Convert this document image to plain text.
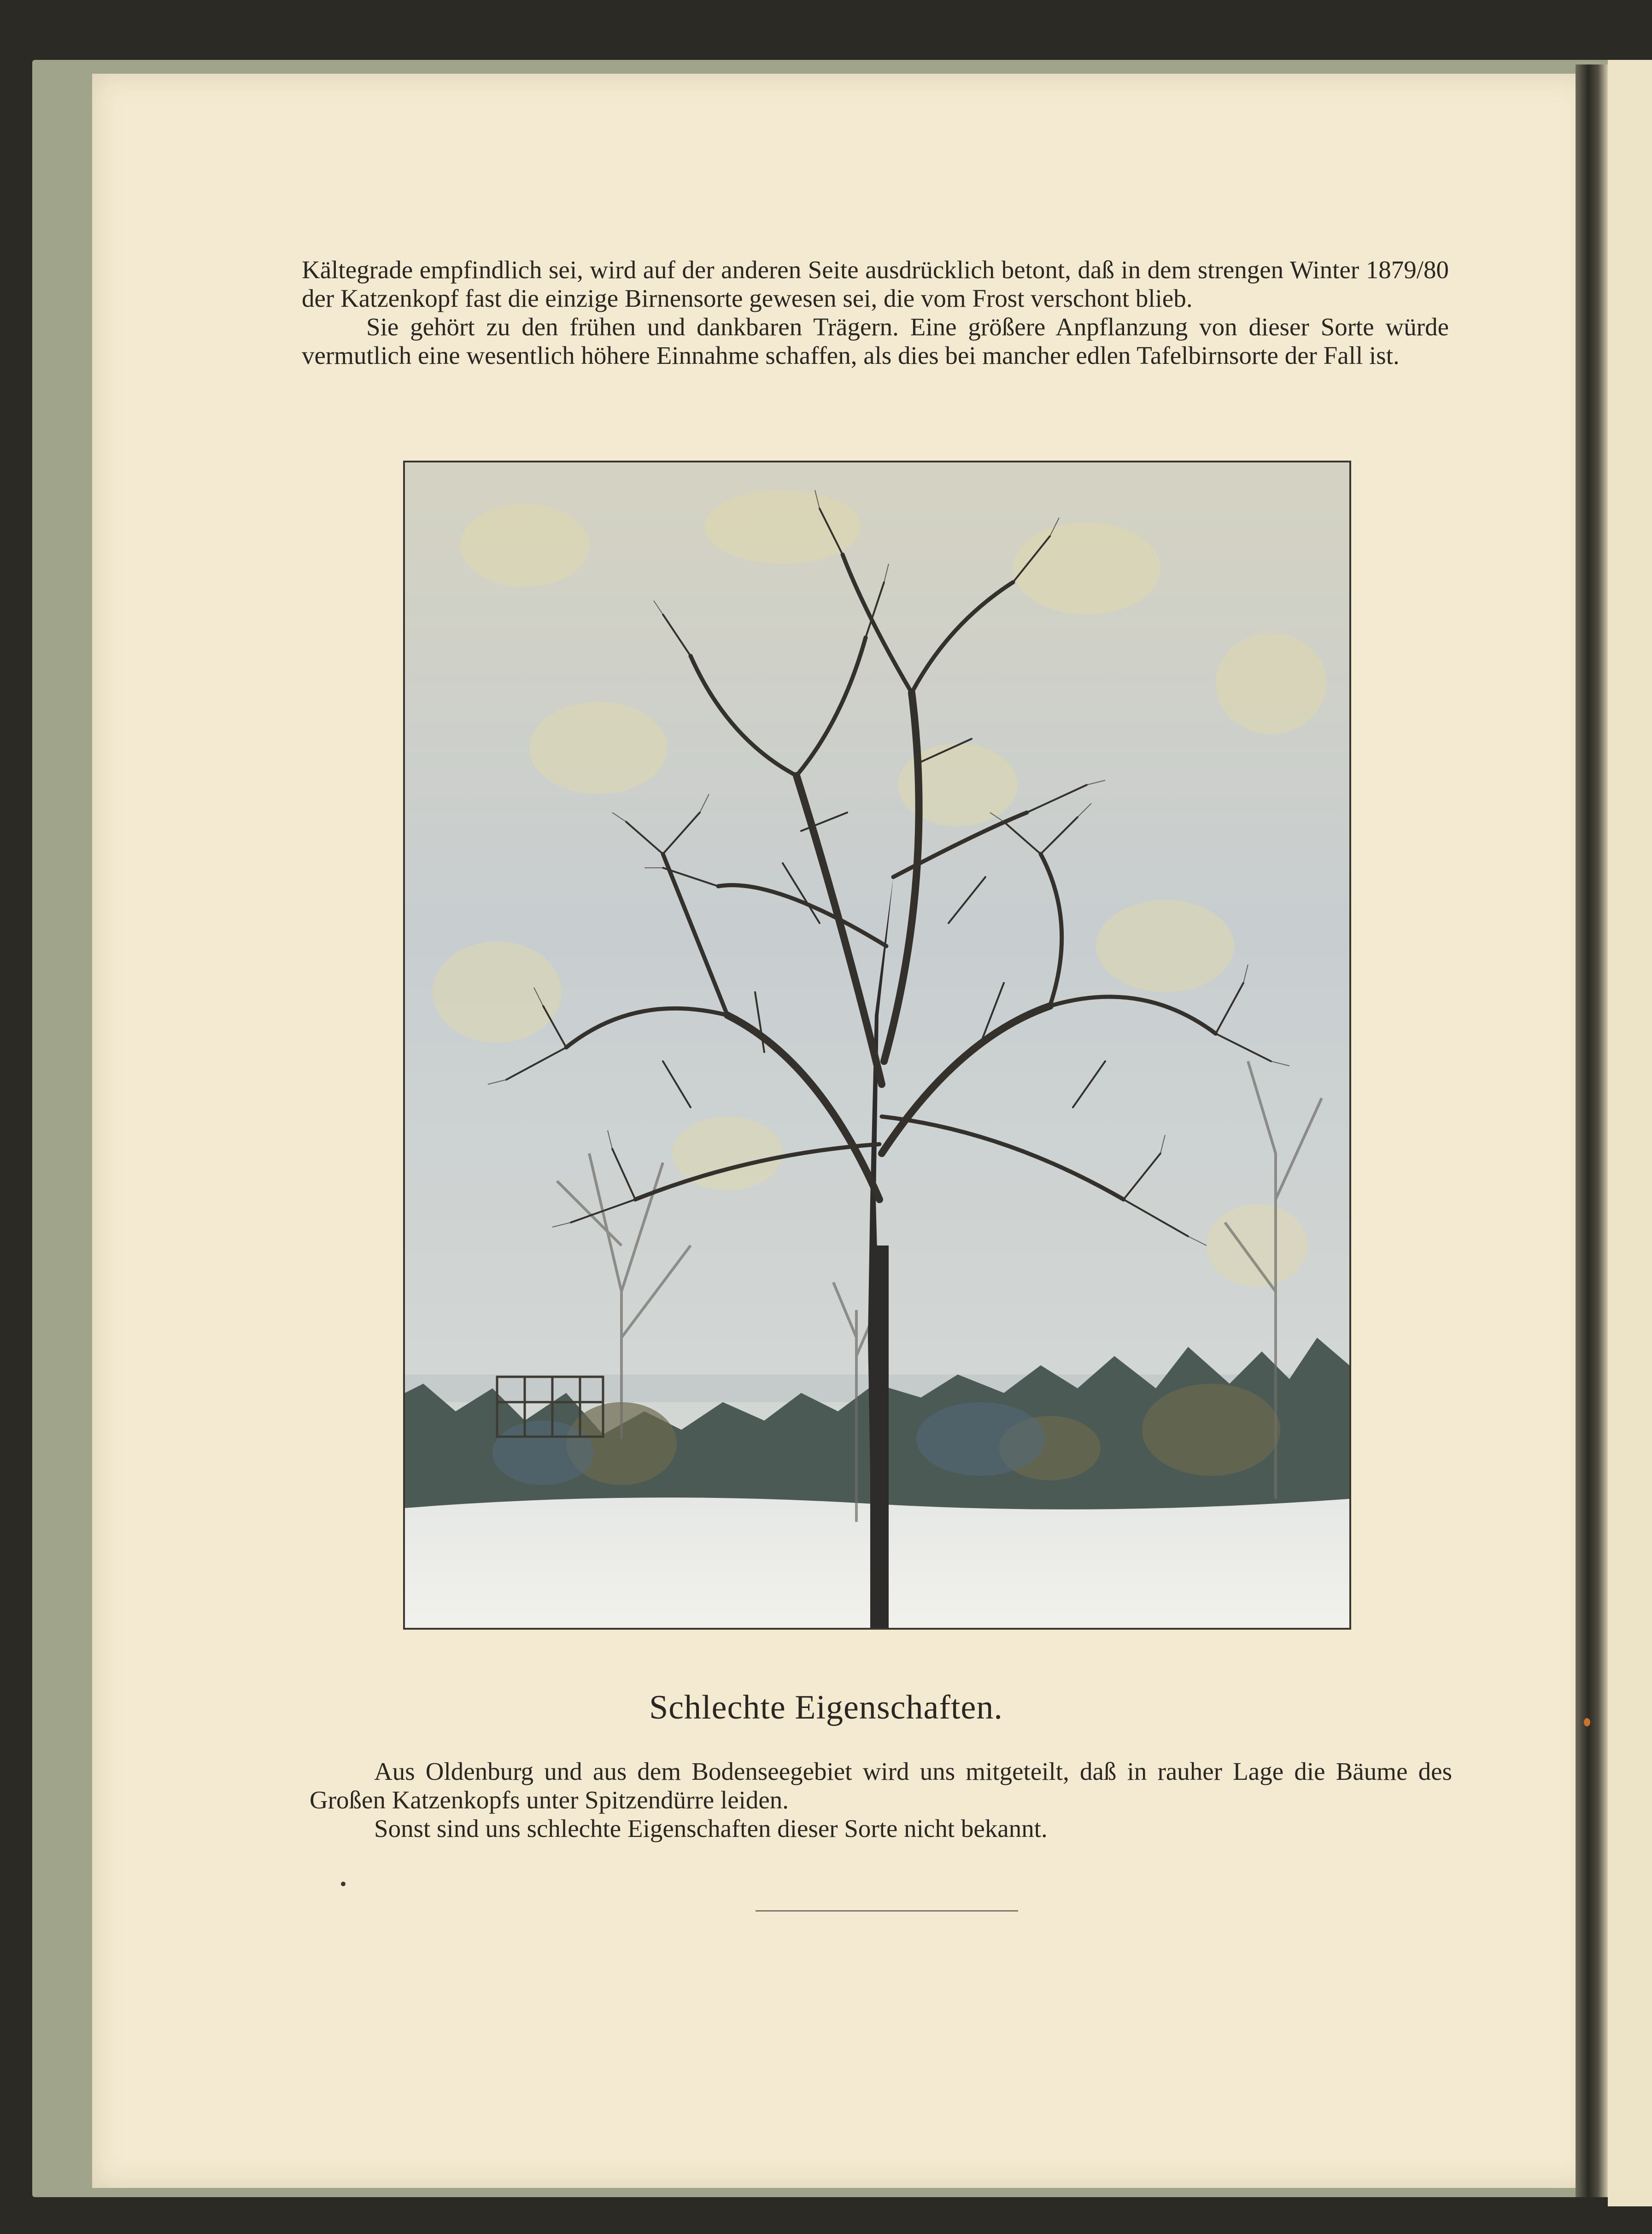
Kältegrade empfindlich sei, wird auf der anderen Seite ausdrücklich betont, daß in dem strengen Winter 1879/80 der Katzenkopf fast die einzige Birnensorte gewesen sei, die vom Frost verschont blieb.

Sie gehört zu den frühen und dankbaren Trägern. Eine größere Anpflanzung von dieser Sorte würde vermutlich eine wesentlich höhere Einnahme schaffen, als dies bei mancher edlen Tafelbirnsorte der Fall ist.

Schlechte Eigenschaften.

Aus Oldenburg und aus dem Bodenseegebiet wird uns mitgeteilt, daß in rauher Lage die Bäume des Großen Katzenkopfs unter Spitzendürre leiden.

Sonst sind uns schlechte Eigenschaften dieser Sorte nicht bekannt.
